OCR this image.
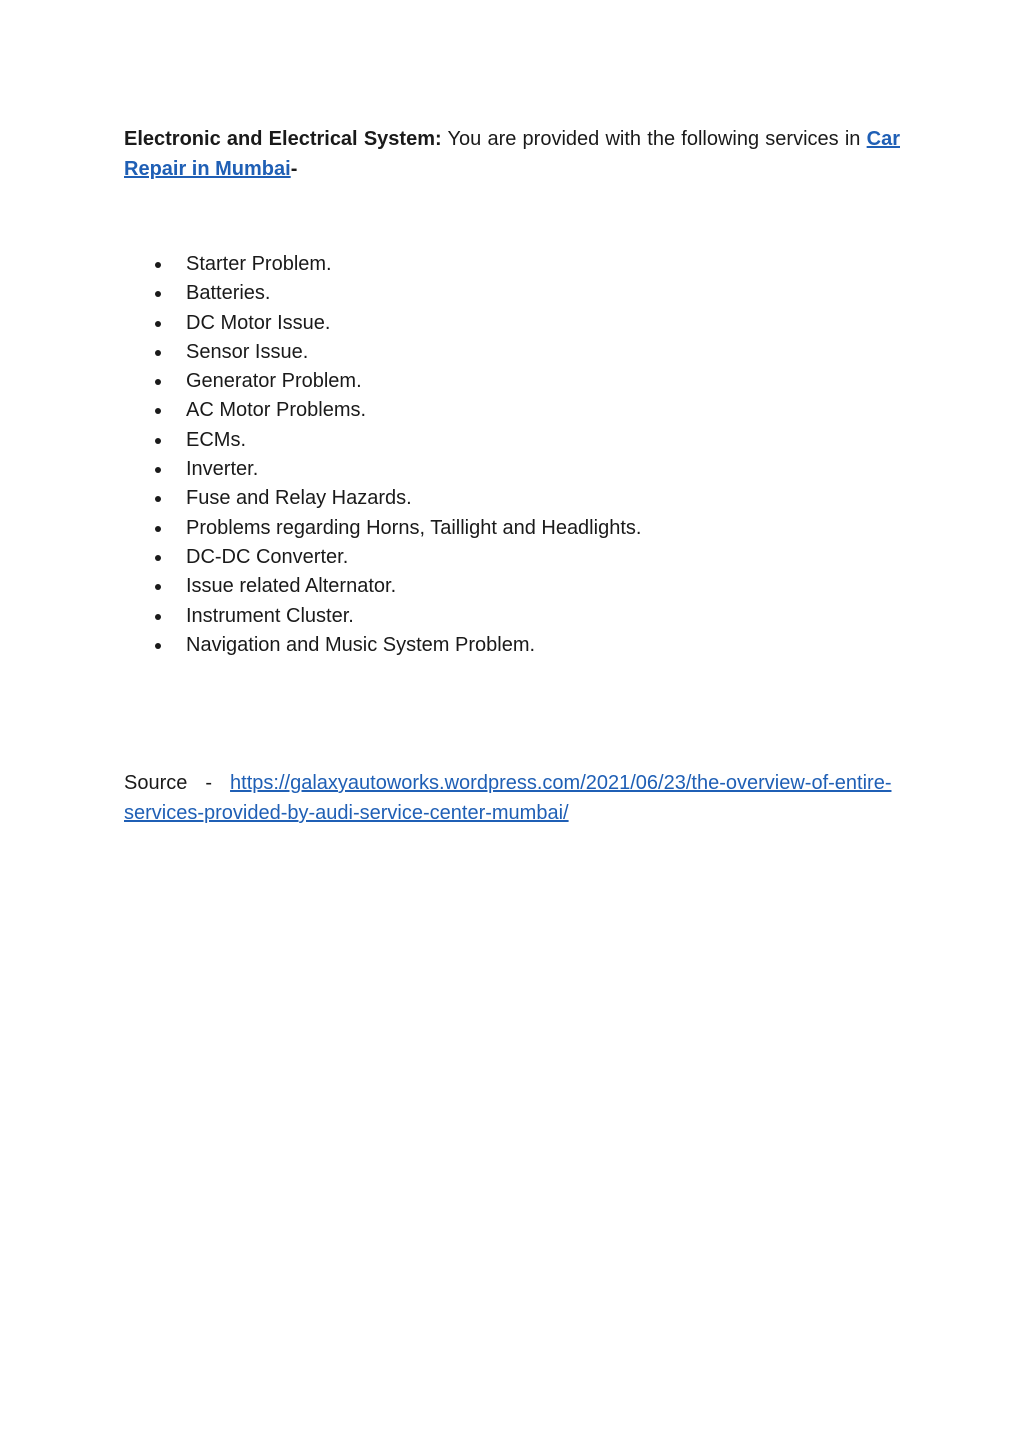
Electronic and Electrical System: You are provided with the following services in Car Repair in Mumbai-

Starter Problem.
Batteries.
DC Motor Issue.
Sensor Issue.
Generator Problem.
AC Motor Problems.
ECMs.
Inverter.
Fuse and Relay Hazards.
Problems regarding Horns, Taillight and Headlights.
DC-DC Converter.
Issue related Alternator.
Instrument Cluster.
Navigation and Music System Problem.

Source - https://galaxyautoworks.wordpress.com/2021/06/23/the-overview-of-entire-services-provided-by-audi-service-center-mumbai/
